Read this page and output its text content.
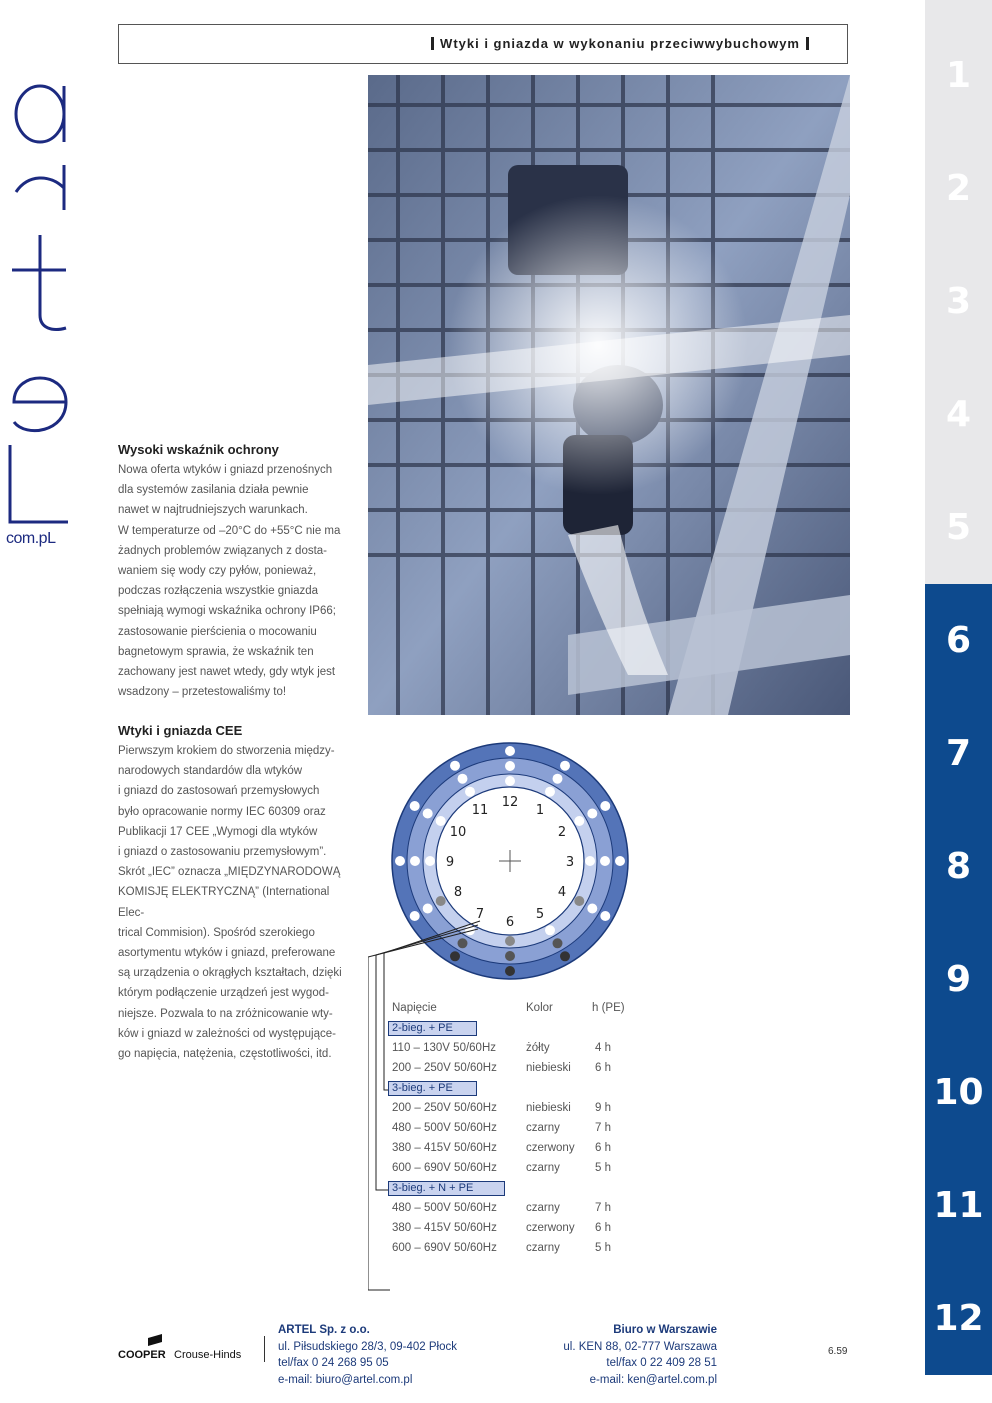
Wtyki i gniazda w wykonaniu przeciwwybuchowym
com.pL
Wysoki wskaźnik ochrony

Nowa oferta wtyków i gniazd przenośnych

dla systemów zasilania działa pewnie

nawet w najtrudniejszych warunkach.

W temperaturze od –20°C do +55°C nie ma

żadnych problemów związanych z dosta-

waniem się wody czy pyłów, ponieważ,

podczas rozłączenia wszystkie gniazda

spełniają wymogi wskaźnika ochrony IP66;

zastosowanie pierścienia o mocowaniu

bagnetowym sprawia, że wskaźnik ten

zachowany jest nawet wtedy, gdy wtyk jest

wsadzony – przetestowaliśmy to!

Wtyki i gniazda CEE

Pierwszym krokiem do stworzenia między-

narodowych standardów dla wtyków

i gniazd do zastosowań przemysłowych

było opracowanie normy IEC 60309 oraz

Publikacji 17 CEE „Wymogi dla wtyków

i gniazd o zastosowaniu przemysłowym”.

Skrót „IEC” oznacza „MIĘDZYNARODOWĄ

KOMISJĘ ELEKTRYCZNĄ” (International Elec-

trical Commision). Spośród szerokiego

asortymentu wtyków i gniazd, preferowane

są urządzenia o okrągłych kształtach, dzięki

którym podłączenie urządzeń jest wygod-

niejsze. Pozwala to na zróżnicowanie wty-

ków i gniazd w zależności od występujące-

go napięcia, natężenia, częstotliwości, itd.

12
1
2
3
4
5
6
7
8
9
10
11
Napięcie	Kolor	h (PE)
2-bieg. + PE
110 – 130V 50/60Hz	żółty	4 h
200 – 250V 50/60Hz	niebieski 6 h
3-bieg. + PE
200 – 250V 50/60Hz	niebieski 9 h
480 – 500V 50/60Hz	czarny	7 h
380 – 415V 50/60Hz	czerwony 6 h
600 – 690V 50/60Hz	czarny	5 h
3-bieg. + N + PE
480 – 500V 50/60Hz	czarny	7 h
380 – 415V 50/60Hz	czerwony 6 h
600 – 690V 50/60Hz	czarny	5 h
1
2
3
4
5
6
7
8
9
10
11
12
COOPER Crouse-Hinds
ARTEL Sp. z o.o.
ul. Piłsudskiego 28/3, 09-402 Płock
tel/fax 0 24 268 95 05
e-mail: biuro@artel.com.pl
Biuro w Warszawie
ul. KEN 88, 02-777 Warszawa
tel/fax 0 22 409 28 51
e-mail: ken@artel.com.pl
6.59
